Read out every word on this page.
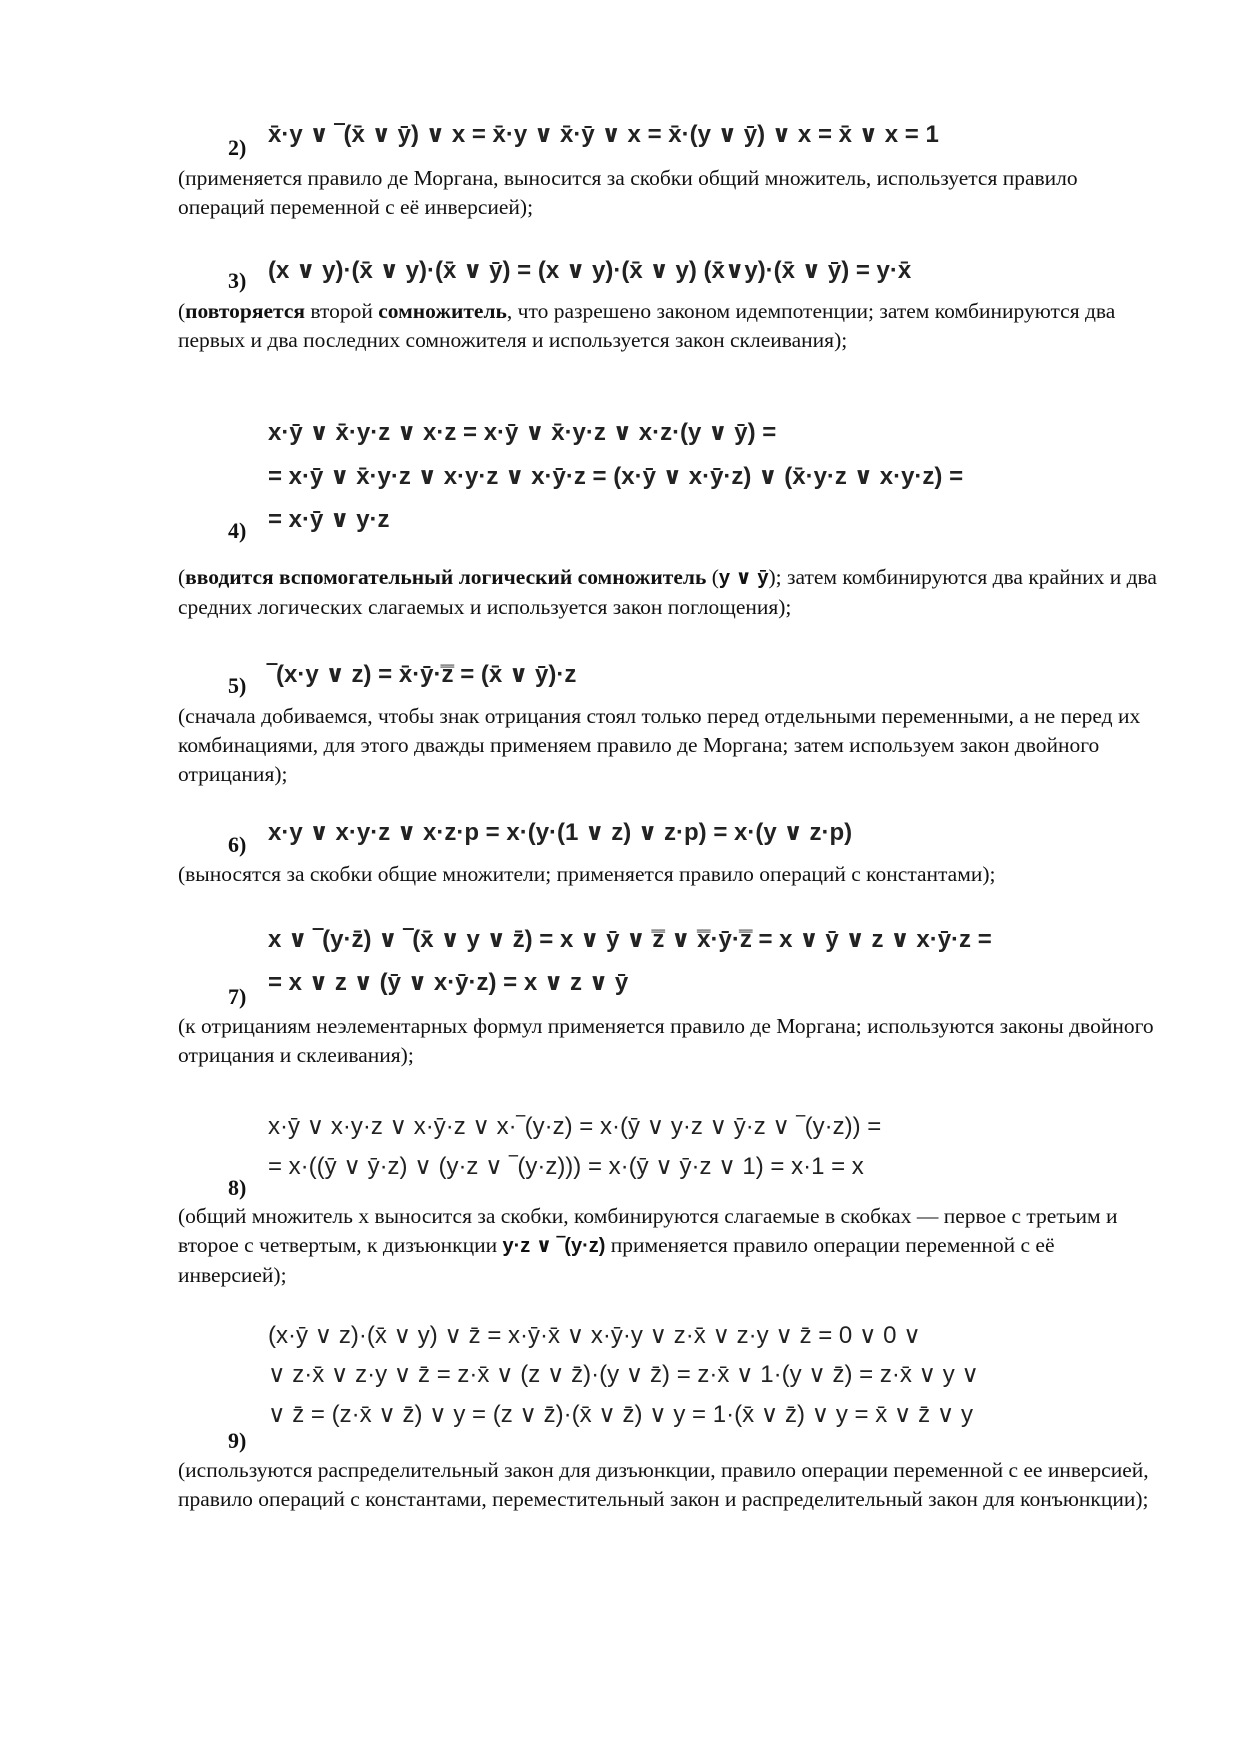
2) x̄·y ∨ ‾(x̄ ∨ ȳ) ∨ x = x̄·y ∨ x̄·ȳ ∨ x = x̄·(y ∨ ȳ) ∨ x = x̄ ∨ x = 1
(применяется правило де Моргана, выносится за скобки общий множитель, используется правило операций переменной с её инверсией);
3) (x ∨ y)·(x̄ ∨ y)·(x̄ ∨ ȳ) = (x ∨ y)·(x̄ ∨ y) (x̄∨y)·(x̄ ∨ ȳ) = y·x̄
(повторяется второй сомножитель, что разрешено законом идемпотенции; затем комбинируются два первых и два последних сомножителя и используется закон склеивания);
x·ȳ ∨ x̄·y·z ∨ x·z = x·ȳ ∨ x̄·y·z ∨ x·z·(y ∨ ȳ) =
= x·ȳ ∨ x̄·y·z ∨ x·y·z ∨ x·ȳ·z = (x·ȳ ∨ x·ȳ·z) ∨ (x̄·y·z ∨ x·y·z) =
= x·ȳ ∨ y·z
4)
(вводится вспомогательный логический сомножитель (y ∨ ȳ); затем комбинируются два крайних и два средних логических слагаемых и используется закон поглощения);
‾(x·y ∨ z) = x̄·ȳ·z̿ = (x̄ ∨ ȳ)·z
5)
(сначала добиваемся, чтобы знак отрицания стоял только перед отдельными переменными, а не перед их комбинациями, для этого дважды применяем правило де Моргана; затем используем закон двойного отрицания);
x·y ∨ x·y·z ∨ x·z·p = x·(y·(1 ∨ z) ∨ z·p) = x·(y ∨ z·p)
6)
(выносятся за скобки общие множители; применяется правило операций с константами);
x ∨ ‾(y·z̄) ∨ ‾(x̄ ∨ y ∨ z̄) = x ∨ ȳ ∨ z̿ ∨ x̿·ȳ·z̿ = x ∨ ȳ ∨ z ∨ x·ȳ·z =
= x ∨ z ∨ (ȳ ∨ x·ȳ·z) = x ∨ z ∨ ȳ
7)
(к отрицаниям неэлементарных формул применяется правило де Моргана; используются законы двойного отрицания и склеивания);
x·ȳ ∨ x·y·z ∨ x·ȳ·z ∨ x·‾(y·z) = x·(ȳ ∨ y·z ∨ ȳ·z ∨ ‾(y·z)) =
= x·((ȳ ∨ ȳ·z) ∨ (y·z ∨ ‾(y·z))) = x·(ȳ ∨ ȳ·z ∨ 1) = x·1 = x
8)
(общий множитель x выносится за скобки, комбинируются слагаемые в скобках — первое с третьим и второе с четвертым, к дизъюнкции y·z ∨ ‾(y·z) применяется правило операции переменной с её инверсией);
(x·ȳ ∨ z)·(x̄ ∨ y) ∨ z̄ = x·ȳ·x̄ ∨ x·ȳ·y ∨ z·x̄ ∨ z·y ∨ z̄ = 0 ∨ 0 ∨
∨ z·x̄ ∨ z·y ∨ z̄ = z·x̄ ∨ (z ∨ z̄)·(y ∨ z̄) = z·x̄ ∨ 1·(y ∨ z̄) = z·x̄ ∨ y ∨
∨ z̄ = (z·x̄ ∨ z̄) ∨ y = (z ∨ z̄)·(x̄ ∨ z̄) ∨ y = 1·(x̄ ∨ z̄) ∨ y = x̄ ∨ z̄ ∨ y
9)
(используются распределительный закон для дизъюнкции, правило операции переменной с ее инверсией, правило операций с константами, переместительный закон и распределительный закон для конъюнкции);
